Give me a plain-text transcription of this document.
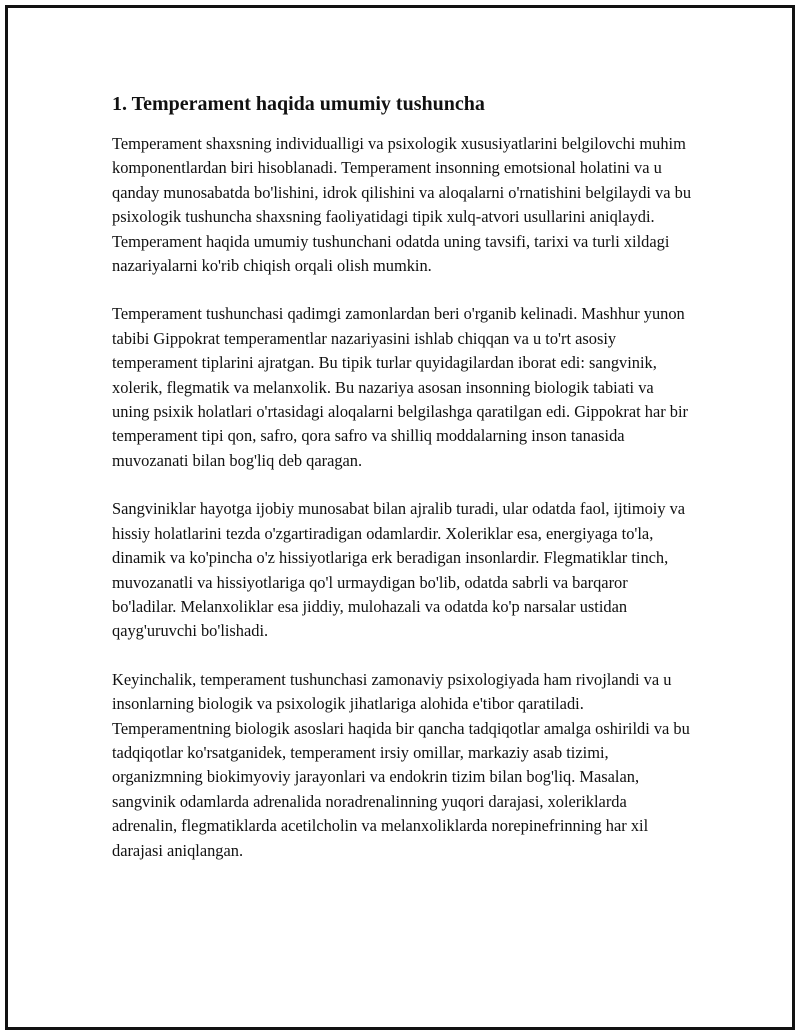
1. Temperament haqida umumiy tushuncha

Temperament shaxsning individualligi va psixologik xususiyatlarini belgilovchi muhim komponentlardan biri hisoblanadi. Temperament insonning emotsional holatini va u qanday munosabatda bo'lishini, idrok qilishini va aloqalarni o'rnatishini belgilaydi va bu psixologik tushuncha shaxsning faoliyatidagi tipik xulq-atvori usullarini aniqlaydi. Temperament haqida umumiy tushunchani odatda uning tavsifi, tarixi va turli xildagi nazariyalarni ko'rib chiqish orqali olish mumkin.

Temperament tushunchasi qadimgi zamonlardan beri o'rganib kelinadi. Mashhur yunon tabibi Gippokrat temperamentlar nazariyasini ishlab chiqqan va u to'rt asosiy temperament tiplarini ajratgan. Bu tipik turlar quyidagilardan iborat edi: sangvinik, xolerik, flegmatik va melanxolik. Bu nazariya asosan insonning biologik tabiati va uning psixik holatlari o'rtasidagi aloqalarni belgilashga qaratilgan edi. Gippokrat har bir temperament tipi qon, safro, qora safro va shilliq moddalarning inson tanasida muvozanati bilan bog'liq deb qaragan.

Sangviniklar hayotga ijobiy munosabat bilan ajralib turadi, ular odatda faol, ijtimoiy va hissiy holatlarini tezda o'zgartiradigan odamlardir. Xoleriklar esa, energiyaga to'la, dinamik va ko'pincha o'z hissiyotlariga erk beradigan insonlardir. Flegmatiklar tinch, muvozanatli va hissiyotlariga qo'l urmaydigan bo'lib, odatda sabrli va barqaror bo'ladilar. Melanxoliklar esa jiddiy, mulohazali va odatda ko'p narsalar ustidan qayg'uruvchi bo'lishadi.

Keyinchalik, temperament tushunchasi zamonaviy psixologiyada ham rivojlandi va u insonlarning biologik va psixologik jihatlariga alohida e'tibor qaratiladi. Temperamentning biologik asoslari haqida bir qancha tadqiqotlar amalga oshirildi va bu tadqiqotlar ko'rsatganidek, temperament irsiy omillar, markaziy asab tizimi, organizmning biokimyoviy jarayonlari va endokrin tizim bilan bog'liq. Masalan, sangvinik odamlarda adrenalida noradrenalinning yuqori darajasi, xoleriklarda adrenalin, flegmatiklarda acetilcholin va melanxoliklarda norepinefrinning har xil darajasi aniqlangan.
